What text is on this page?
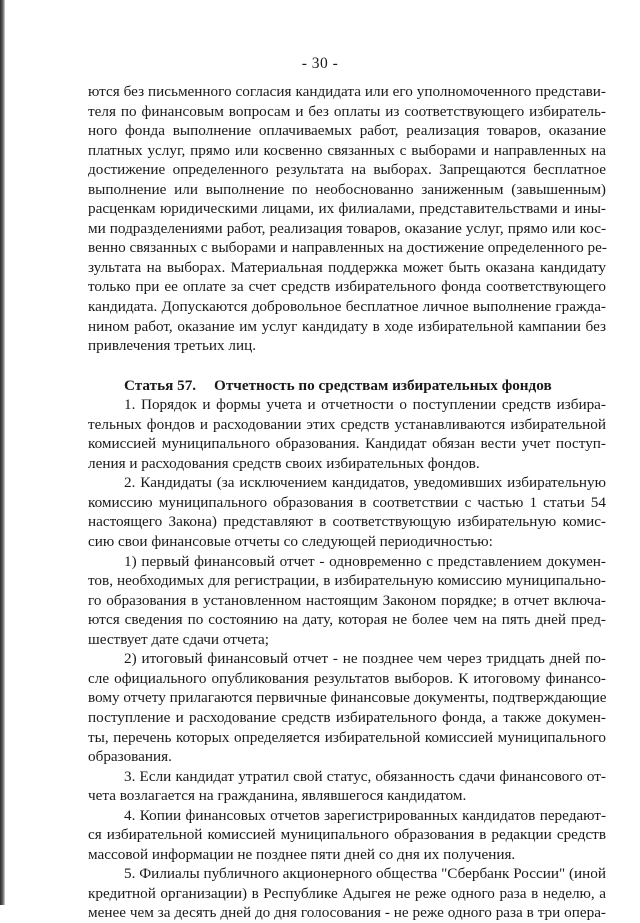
- 30 -
ются без письменного согласия кандидата или его уполномоченного представи-
теля по финансовым вопросам и без оплаты из соответствующего избиратель-
ного фонда выполнение оплачиваемых работ, реализация товаров, оказание
платных услуг, прямо или косвенно связанных с выборами и направленных на
достижение определенного результата на выборах. Запрещаются бесплатное
выполнение или выполнение по необоснованно заниженным (завышенным)
расценкам юридическими лицами, их филиалами, представительствами и ины-
ми подразделениями работ, реализация товаров, оказание услуг, прямо или кос-
венно связанных с выборами и направленных на достижение определенного ре-
зультата на выборах. Материальная поддержка может быть оказана кандидату
только при ее оплате за счет средств избирательного фонда соответствующего
кандидата. Допускаются добровольное бесплатное личное выполнение гражда-
нином работ, оказание им услуг кандидату в ходе избирательной кампании без
привлечения третьих лиц.
Статья 57. Отчетность по средствам избирательных фондов
1. Порядок и формы учета и отчетности о поступлении средств избира-
тельных фондов и расходовании этих средств устанавливаются избирательной
комиссией муниципального образования. Кандидат обязан вести учет поступ-
ления и расходования средств своих избирательных фондов.
2. Кандидаты (за исключением кандидатов, уведомивших избирательную
комиссию муниципального образования в соответствии с частью 1 статьи 54
настоящего Закона) представляют в соответствующую избирательную комис-
сию свои финансовые отчеты со следующей периодичностью:
1) первый финансовый отчет - одновременно с представлением докумен-
тов, необходимых для регистрации, в избирательную комиссию муниципально-
го образования в установленном настоящим Законом порядке; в отчет включа-
ются сведения по состоянию на дату, которая не более чем на пять дней пред-
шествует дате сдачи отчета;
2) итоговый финансовый отчет - не позднее чем через тридцать дней по-
сле официального опубликования результатов выборов. К итоговому финансо-
вому отчету прилагаются первичные финансовые документы, подтверждающие
поступление и расходование средств избирательного фонда, а также докумен-
ты, перечень которых определяется избирательной комиссией муниципального
образования.
3. Если кандидат утратил свой статус, обязанность сдачи финансового от-
чета возлагается на гражданина, являвшегося кандидатом.
4. Копии финансовых отчетов зарегистрированных кандидатов передают-
ся избирательной комиссией муниципального образования в редакции средств
массовой информации не позднее пяти дней со дня их получения.
5. Филиалы публичного акционерного общества "Сбербанк России" (иной
кредитной организации) в Республике Адыгея не реже одного раза в неделю, а
менее чем за десять дней до дня голосования - не реже одного раза в три опера-
